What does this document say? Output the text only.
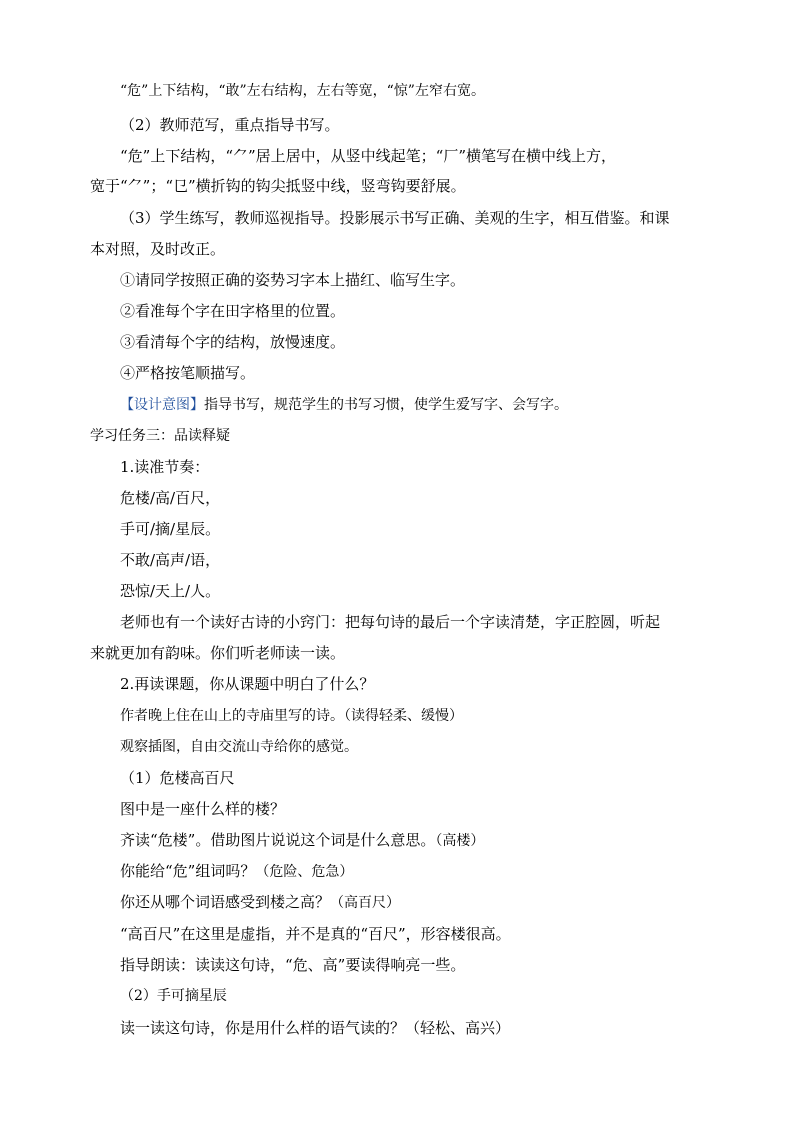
“危”上下结构，“敢”左右结构，左右等宽，“惊”左窄右宽。
（2）教师范写，重点指导书写。
“危”上下结构，“⺈”居上居中，从竖中线起笔；“厂”横笔写在横中线上方，
宽于“⺈”；“㔾”横折钩的钩尖抵竖中线，竖弯钩要舒展。
（3）学生练写，教师巡视指导。投影展示书写正确、美观的生字，相互借鉴。和课
本对照，及时改正。
①请同学按照正确的姿势习字本上描红、临写生字。
②看准每个字在田字格里的位置。
③看清每个字的结构，放慢速度。
④严格按笔顺描写。
【设计意图】指导书写，规范学生的书写习惯，使学生爱写字、会写字。
学习任务三：品读释疑
1.读准节奏：
危楼/高/百尺，
手可/摘/星辰。
不敢/高声/语，
恐惊/天上/人。
老师也有一个读好古诗的小窍门：把每句诗的最后一个字读清楚，字正腔圆，听起
来就更加有韵味。你们听老师读一读。
2.再读课题，你从课题中明白了什么？
作者晚上住在山上的寺庙里写的诗。（读得轻柔、缓慢）
观察插图，自由交流山寺给你的感觉。
（1）危楼高百尺
图中是一座什么样的楼？
齐读“危楼”。借助图片说说这个词是什么意思。（高楼）
你能给“危”组词吗？（危险、危急）
你还从哪个词语感受到楼之高？（高百尺）
“高百尺”在这里是虚指，并不是真的“百尺”，形容楼很高。
指导朗读：读读这句诗，“危、高”要读得响亮一些。
（2）手可摘星辰
读一读这句诗，你是用什么样的语气读的？（轻松、高兴）
